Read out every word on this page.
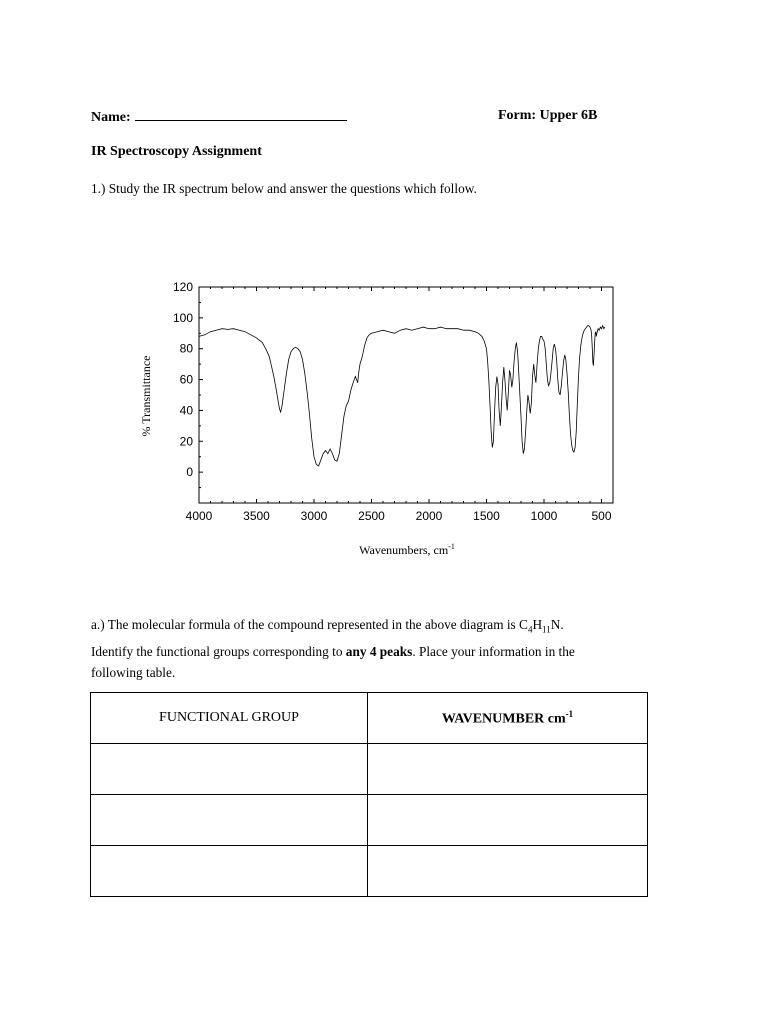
Name:	Form: Upper 6B
IR Spectroscopy Assignment
1.) Study the IR spectrum below and answer the questions which follow.
0
20
40
60
80
100
120
4000	3500	3000	2500	2000	1500	1000	500
% Transmittance
Wavenumbers, $cm^{-1}$
a.) The molecular formula of the compound represented in the above diagram is $C_4H_{11}N$.
Identify the functional groups corresponding to any 4 peaks. Place your information in the
following table.
FUNCTIONAL GROUP	WAVENUMBER $cm^{-1}$
